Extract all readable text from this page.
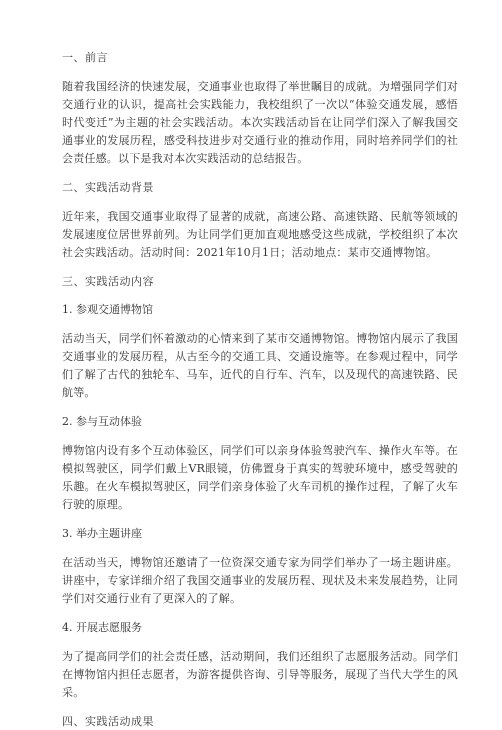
一、前言
随着我国经济的快速发展，交通事业也取得了举世瞩目的成就。为增强同学们对交通行业的认识，提高社会实践能力，我校组织了一次以“体验交通发展，感悟时代变迁”为主题的社会实践活动。本次实践活动旨在让同学们深入了解我国交通事业的发展历程，感受科技进步对交通行业的推动作用，同时培养同学们的社会责任感。以下是我对本次实践活动的总结报告。
二、实践活动背景
近年来，我国交通事业取得了显著的成就，高速公路、高速铁路、民航等领域的发展速度位居世界前列。为让同学们更加直观地感受这些成就，学校组织了本次社会实践活动。活动时间：2021年10月1日；活动地点：某市交通博物馆。
三、实践活动内容
1. 参观交通博物馆
活动当天，同学们怀着激动的心情来到了某市交通博物馆。博物馆内展示了我国交通事业的发展历程，从古至今的交通工具、交通设施等。在参观过程中，同学们了解了古代的独轮车、马车，近代的自行车、汽车，以及现代的高速铁路、民航等。
2. 参与互动体验
博物馆内设有多个互动体验区，同学们可以亲身体验驾驶汽车、操作火车等。在模拟驾驶区，同学们戴上VR眼镜，仿佛置身于真实的驾驶环境中，感受驾驶的乐趣。在火车模拟驾驶区，同学们亲身体验了火车司机的操作过程，了解了火车行驶的原理。
3. 举办主题讲座
在活动当天，博物馆还邀请了一位资深交通专家为同学们举办了一场主题讲座。讲座中，专家详细介绍了我国交通事业的发展历程、现状及未来发展趋势，让同学们对交通行业有了更深入的了解。
4. 开展志愿服务
为了提高同学们的社会责任感，活动期间，我们还组织了志愿服务活动。同学们在博物馆内担任志愿者，为游客提供咨询、引导等服务，展现了当代大学生的风采。
四、实践活动成果
